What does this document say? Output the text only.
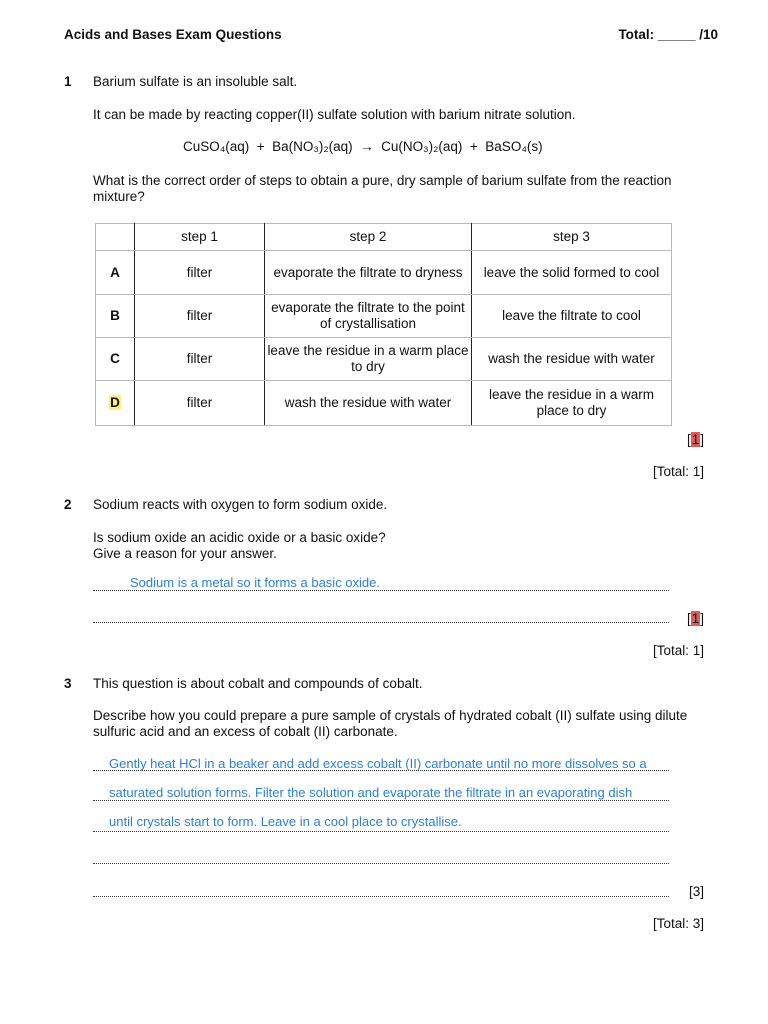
Acids and Bases Exam Questions	Total: _____ /10
1 Barium sulfate is an insoluble salt.
It can be made by reacting copper(II) sulfate solution with barium nitrate solution.
CuSO₄(aq)  +  Ba(NO₃)₂(aq)  →  Cu(NO₃)₂(aq)  +  BaSO₄(s)
What is the correct order of steps to obtain a pure, dry sample of barium sulfate from the reaction mixture?
	step 1	step 2	step 3
A	filter	evaporate the filtrate to dryness	leave the solid formed to cool
B	filter	evaporate the filtrate to the point of crystallisation	leave the filtrate to cool
C	filter	leave the residue in a warm place to dry	wash the residue with water
D	filter	wash the residue with water	leave the residue in a warm place to dry
[1]
[Total: 1]
2 Sodium reacts with oxygen to form sodium oxide.
Is sodium oxide an acidic oxide or a basic oxide?
Give a reason for your answer.
Sodium is a metal so it forms a basic oxide.
[1]
[Total: 1]
3 This question is about cobalt and compounds of cobalt.
Describe how you could prepare a pure sample of crystals of hydrated cobalt (II) sulfate using dilute sulfuric acid and an excess of cobalt (II) carbonate.
Gently heat HCl in a beaker and add excess cobalt (II) carbonate until no more dissolves so a
saturated solution forms. Filter the solution and evaporate the filtrate in an evaporating dish
until crystals start to form. Leave in a cool place to crystallise.
[3]
[Total: 3]
